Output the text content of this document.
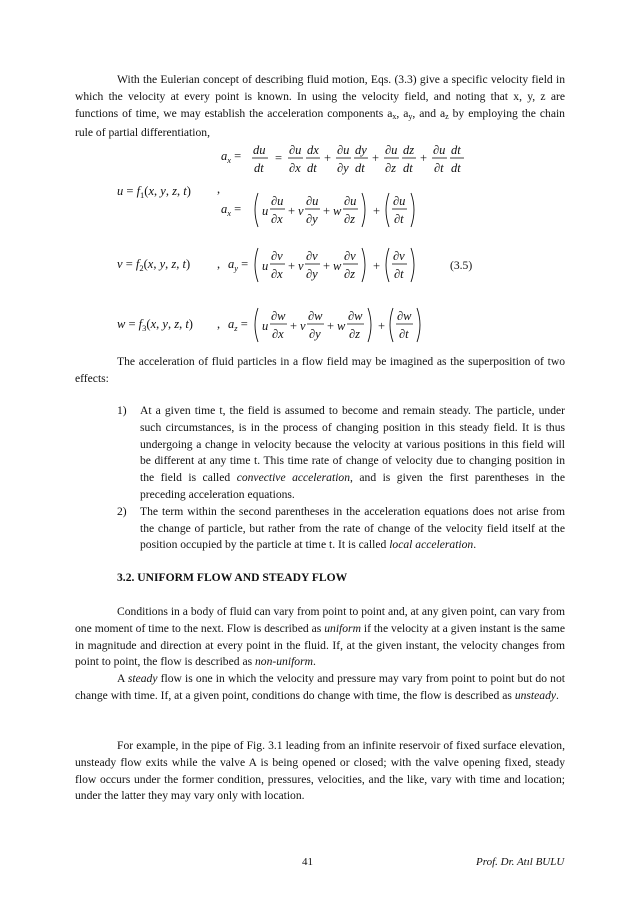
With the Eulerian concept of describing fluid motion, Eqs. (3.3) give a specific velocity field in which the velocity at every point is known. In using the velocity field, and noting that x, y, z are functions of time, we may establish the acceleration components $a_x$, $a_y$, and $a_z$ by employing the chain rule of partial differentiation,

$a_x$ = du
dt
=
∂u
∂x
dx
dt
+
∂u
∂y
dy
dt
+
∂u
∂z
dz
dt
+
∂u
∂t
dt
dt
$u = f_1(x$, y, z, t) ,
$a_x = u$
∂u
∂x
+ v
∂u
∂y
+ w
∂u
∂z
+
∂u
∂t
$v = f_2(x$, y, z, t) , $a_y = u$
∂v
∂x
+ v
∂v
∂y
+ w
∂v
∂z
+
∂v
∂t
$w = f_3(x$, y, z, t) , $a_z = u$
∂w
∂x
+ v
∂w
∂y
+ w
∂w
∂z
+
∂w
∂t
(3.5)

The acceleration of fluid particles in a flow field may be imagined as the superposition of two effects:

1) At a given time t, the field is assumed to become and remain steady. The particle, under such circumstances, is in the process of changing position in this steady field. It is thus undergoing a change in velocity because the velocity at various positions in this field will be different at any time t. This time rate of change of velocity due to changing position in the field is called convective acceleration, and is given the first parentheses in the preceding acceleration equations.

2) The term within the second parentheses in the acceleration equations does not arise from the change of particle, but rather from the rate of change of the velocity field itself at the position occupied by the particle at time t. It is called local acceleration.

3.2. UNIFORM FLOW AND STEADY FLOW

Conditions in a body of fluid can vary from point to point and, at any given point, can vary from one moment of time to the next. Flow is described as uniform if the velocity at a given instant is the same in magnitude and direction at every point in the fluid. If, at the given instant, the velocity changes from point to point, the flow is described as non-uniform.

A steady flow is one in which the velocity and pressure may vary from point to point but do not change with time. If, at a given point, conditions do change with time, the flow is described as unsteady.

For example, in the pipe of Fig. 3.1 leading from an infinite reservoir of fixed surface elevation, unsteady flow exits while the valve A is being opened or closed; with the valve opening fixed, steady flow occurs under the former condition, pressures, velocities, and the like, vary with time and location; under the latter they may vary only with location.

41	Prof. Dr. Atıl BULU
